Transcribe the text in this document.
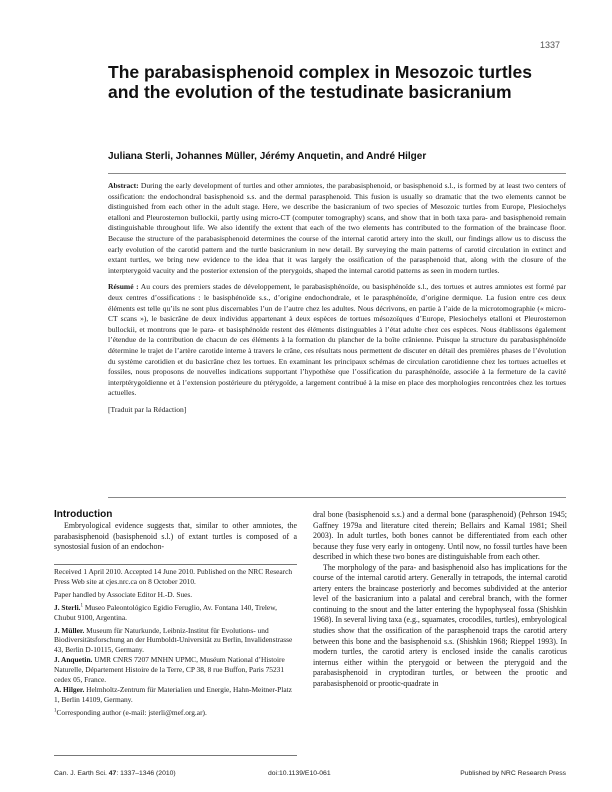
1337
The parabasisphenoid complex in Mesozoic turtles and the evolution of the testudinate basicranium
Juliana Sterli, Johannes Müller, Jérémy Anquetin, and André Hilger

Abstract: During the early development of turtles and other amniotes, the parabasisphenoid, or basisphenoid s.l., is formed by at least two centers of ossification: the endochondral basisphenoid s.s. and the dermal parasphenoid. This fusion is usually so dramatic that the two elements cannot be distinguished from each other in the adult stage. Here, we describe the basicranium of two species of Mesozoic turtles from Europe, Plesiochelys etalloni and Pleurosternon bullockii, partly using micro-CT (computer tomography) scans, and show that in both taxa para- and basisphenoid remain distinguishable throughout life. We also identify the extent that each of the two elements has contributed to the formation of the braincase floor. Because the structure of the parabasisphenoid determines the course of the internal carotid artery into the skull, our findings allow us to discuss the early evolution of the carotid pattern and the turtle basicranium in new detail. By surveying the main patterns of carotid circulation in extinct and extant turtles, we bring new evidence to the idea that it was largely the ossification of the parasphenoid that, along with the closure of the interpterygoid vacuity and the posterior extension of the pterygoids, shaped the internal carotid patterns as seen in modern turtles.

Résumé : Au cours des premiers stades de développement, le parabasisphénoïde, ou basisphénoïde s.l., des tortues et autres amniotes est formé par deux centres d’ossifications : le basisphénoïde s.s., d’origine endochondrale, et le parasphénoïde, d’origine dermique. La fusion entre ces deux éléments est telle qu’ils ne sont plus discernables l’un de l’autre chez les adultes. Nous décrivons, en partie à l’aide de la microtomographie (« micro-CT scans »), le basicrâne de deux individus appartenant à deux espèces de tortues mésozoïques d’Europe, Plesiochelys etalloni et Pleurosternon bullockii, et montrons que le para- et basisphénoïde restent des éléments distinguables à l’état adulte chez ces espèces. Nous établissons également l’étendue de la contribution de chacun de ces éléments à la formation du plancher de la boîte crânienne. Puisque la structure du parabasisphénoïde détermine le trajet de l’artère carotide interne à travers le crâne, ces résultats nous permettent de discuter en détail des premières phases de l’évolution du système carotidien et du basicrâne chez les tortues. En examinant les principaux schémas de circulation carotidienne chez les tortues actuelles et fossiles, nous proposons de nouvelles indications supportant l’hypothèse que l’ossification du parasphénoïde, associée à la fermeture de la cavité interptérygoïdienne et à l’extension postérieure du ptérygoïde, a largement contribué à la mise en place des morphologies rencontrées chez les tortues actuelles.

[Traduit par la Rédaction]

Introduction

Embryological evidence suggests that, similar to other amniotes, the parabasisphenoid (basisphenoid s.l.) of extant turtles is composed of a synostosial fusion of an endochon-

Received 1 April 2010. Accepted 14 June 2010. Published on the NRC Research Press Web site at cjes.nrc.ca on 8 October 2010.
Paper handled by Associate Editor H.-D. Sues.
J. Sterli.$^1$ Museo Paleontológico Egidio Feruglio, Av. Fontana 140, Trelew, Chubut 9100, Argentina.
J. Müller. Museum für Naturkunde, Leibniz-Institut für Evolutions- und Biodiversitätsforschung an der Humboldt-Universität zu Berlin, Invalidenstrasse 43, Berlin D-10115, Germany.
J. Anquetin. UMR CNRS 7207 MNHN UPMC, Muséum National d’Histoire Naturelle, Département Histoire de la Terre, CP 38, 8 rue Buffon, Paris 75231 cedex 05, France.
A. Hilger. Helmholtz-Zentrum für Materialien und Energie, Hahn-Meitner-Platz 1, Berlin 14109, Germany.
$^1$Corresponding author (e-mail: jsterli@mef.org.ar).

dral bone (basisphenoid s.s.) and a dermal bone (parasphenoid) (Pehrson 1945; Gaffney 1979a and literature cited therein; Bellairs and Kamal 1981; Sheil 2003). In adult turtles, both bones cannot be differentiated from each other because they fuse very early in ontogeny. Until now, no fossil turtles have been described in which these two bones are distinguishable from each other.

The morphology of the para- and basisphenoid also has implications for the course of the internal carotid artery. Generally in tetrapods, the internal carotid artery enters the braincase posteriorly and becomes subdivided at the anterior level of the basicranium into a palatal and cerebral branch, with the former continuing to the snout and the latter entering the hypophyseal fossa (Shishkin 1968). In several living taxa (e.g., squamates, crocodiles, turtles), embryological studies show that the ossification of the parasphenoid traps the carotid artery between this bone and the basisphenoid s.s. (Shishkin 1968; Rieppel 1993). In modern turtles, the carotid artery is enclosed inside the canalis caroticus internus either within the pterygoid or between the pterygoid and the parabasisphenoid in cryptodiran turtles, or between the prootic and parabasisphenoid or prootic-quadrate in

Can. J. Earth Sci. 47: 1337–1346 (2010)	doi:10.1139/E10-061	Published by NRC Research Press
